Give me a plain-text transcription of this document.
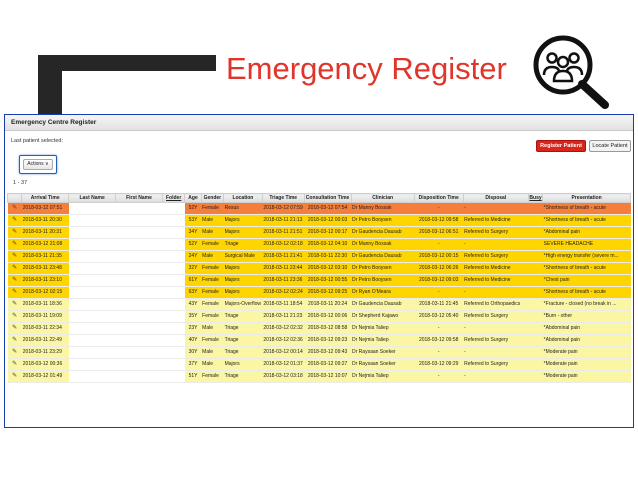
Emergency Register
Emergency Centre Register
Last patient selected:
Register Patient	Locate Patient
Actions ∨
1 - 37
	Arrival Time	Last Name	First Name	Folder	Age	Gender	Location	Triage Time	Consultation Time	Clinician	Disposition Time	Disposal	Busy	Presentation
✎	2018-03-12 07:51				52Y	Female	Resus	2018-03-12 07:59	2018-03-12 07:54	Dr Manny Bossak	-	-		*Shortness of breath - acute
✎	2018-03-11 20:30				53Y	Male	Majors	2018-03-11 21:13	2018-03-12 00:03	Dr Petro Booysen	2018-03-12 09:58	Referred to Medicine		*Shortness of breath - acute
✎	2018-03-11 20:31				34Y	Male	Majors	2018-03-11 21:51	2018-03-12 00:17	Dr Gaudencia Dausab	2018-03-12 06:51	Referred to Surgery		*Abdominal pain
✎	2018-03-12 21:08				52Y	Female	Triage	2018-03-12 02:18	2018-03-12 04:10	Dr Manny Bossak	-	-		SEVERE HEADACHE
✎	2018-03-11 21:35				24Y	Male	Surgical Male	2018-03-11 21:41	2018-03-11 22:30	Dr Gaudencia Dausab	2018-03-12 00:15	Referred to Surgery		*High energy transfer (severe m...
✎	2018-03-11 23:48				32Y	Female	Majors	2018-03-11 23:44	2018-03-12 03:10	Dr Petro Booysen	2018-03-12 06:26	Referred to Medicine		*Shortness of breath - acute
✎	2018-03-11 23:10				61Y	Female	Majors	2018-03-11 23:36	2018-03-12 00:55	Dr Petro Booysen	2018-03-12 09:03	Referred to Medicine		*Chest pain
✎	2018-03-12 02:15				63Y	Female	Majors	2018-03-12 02:24	2018-03-12 09:25	Dr Ryan O'Meara	-	-		*Shortness of breath - acute
✎	2018-03-11 18:36				43Y	Female	Majors-Overflow	2018-03-11 18:54	2018-03-11 20:24	Dr Gaudencia Dausab	2018-03-11 21:45	Referred to Orthopaedics		*Fracture - closed (no break in ...
✎	2018-03-11 19:09				35Y	Female	Triage	2018-03-11 21:23	2018-03-12 00:06	Dr Shepherd Kajawo	2018-03-12 05:40	Referred to Surgery		*Burn - other
✎	2018-03-11 22:34				23Y	Male	Triage	2018-03-12 02:32	2018-03-12 08:58	Dr Nejmia Taliep	-	-		*Abdominal pain
✎	2018-03-11 22:49				40Y	Female	Triage	2018-03-12 02:36	2018-03-12 09:23	Dr Nejmia Taliep	2018-03-12 09:58	Referred to Surgery		*Abdominal pain
✎	2018-03-11 23:29				30Y	Male	Triage	2018-03-12 00:14	2018-03-12 09:43	Dr Raysaan Soeker	-	-		*Moderate pain
✎	2018-03-12 00:36				37Y	Male	Majors	2018-03-12 01:37	2018-03-12 09:27	Dr Raysaan Soeker	2018-03-12 09:29	Referred to Surgery		*Moderate pain
✎	2018-03-12 01:49				51Y	Female	Triage	2018-03-12 03:18	2018-03-12 10:07	Dr Nejmia Taliep	-	-		*Moderate pain
